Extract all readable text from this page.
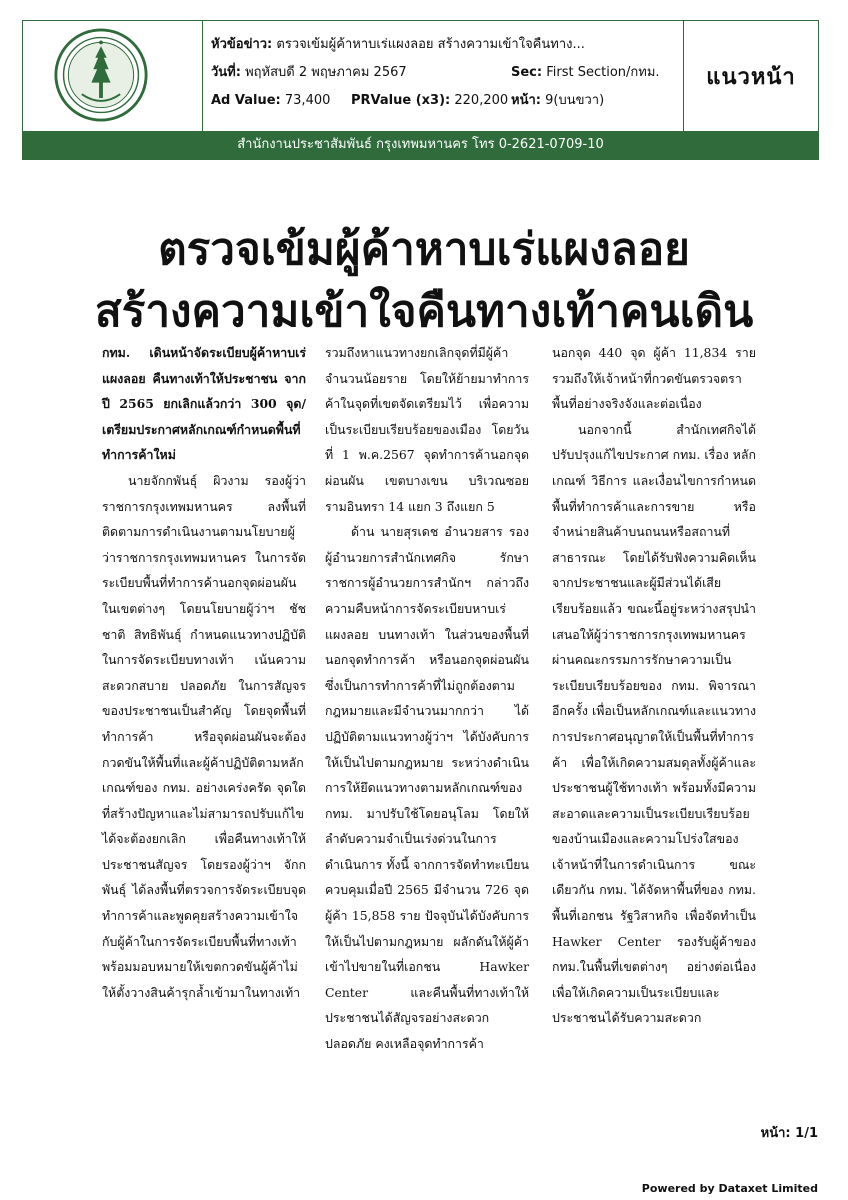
หัวข้อข่าว: ตรวจเข้มผู้ค้าหาบเร่แผงลอย สร้างความเข้าใจคืนทาง...
วันที่: พฤหัสบดี 2 พฤษภาคม 2567	Sec: First Section/กทม.
Ad Value: 73,400 PRValue (x3): 220,200 หน้า: 9(บนขวา)
แนวหน้า
สำนักงานประชาสัมพันธ์ กรุงเทพมหานคร โทร 0-2621-0709-10
ตรวจเข้มผู้ค้าหาบเร่แผงลอย
สร้างความเข้าใจคืนทางเท้าคนเดิน

กทม. เดินหน้าจัดระเบียบผู้ค้าหาบเร่แผงลอย คืนทางเท้าให้ประชาชน จากปี 2565 ยกเลิกแล้วกว่า 300 จุด/เตรียมประกาศหลักเกณฑ์กำหนดพื้นที่ทำการค้าใหม่

นายจักกพันธุ์ ผิวงาม รองผู้ว่าราชการกรุงเทพมหานคร ลงพื้นที่ติดตามการดำเนินงานตามนโยบายผู้ว่าราชการกรุงเทพมหานคร ในการจัดระเบียบพื้นที่ทำการค้านอกจุดผ่อนผันในเขตต่างๆ โดยนโยบายผู้ว่าฯ ชัชชาติ สิทธิพันธุ์ กำหนดแนวทางปฏิบัติในการจัดระเบียบทางเท้า เน้นความสะดวกสบาย ปลอดภัย ในการสัญจรของประชาชนเป็นสำคัญ โดยจุดพื้นที่ทำการค้า หรือจุดผ่อนผันจะต้องกวดขันให้พื้นที่และผู้ค้าปฏิบัติตามหลักเกณฑ์ของ กทม. อย่างเคร่งครัด จุดใดที่สร้างปัญหาและไม่สามารถปรับแก้ไขได้จะต้องยกเลิก เพื่อคืนทางเท้าให้ประชาชนสัญจร โดยรองผู้ว่าฯ จักกพันธุ์ ได้ลงพื้นที่ตรวจการจัดระเบียบจุดทำการค้าและพูดคุยสร้างความเข้าใจกับผู้ค้าในการจัดระเบียบพื้นที่ทางเท้า พร้อมมอบหมายให้เขตกวดขันผู้ค้าไม่ให้ตั้งวางสินค้ารุกล้ำเข้ามาในทางเท้า

รวมถึงหาแนวทางยกเลิกจุดที่มีผู้ค้าจำนวนน้อยราย โดยให้ย้ายมาทำการค้าในจุดที่เขตจัดเตรียมไว้ เพื่อความเป็นระเบียบเรียบร้อยของเมือง โดยวันที่ 1 พ.ค.2567 จุดทำการค้านอกจุดผ่อนผัน เขตบางเขน บริเวณซอยรามอินทรา 14 แยก 3 ถึงแยก 5

ด้าน นายสุรเดช อำนวยสาร รองผู้อำนวยการสำนักเทศกิจ รักษาราชการผู้อำนวยการสำนักฯ กล่าวถึงความคืบหน้าการจัดระเบียบหาบเร่แผงลอย บนทางเท้า ในส่วนของพื้นที่นอกจุดทำการค้า หรือนอกจุดผ่อนผัน ซึ่งเป็นการทำการค้าที่ไม่ถูกต้องตามกฎหมายและมีจำนวนมากกว่า ได้ปฏิบัติตามแนวทางผู้ว่าฯ ได้บังคับการให้เป็นไปตามกฎหมาย ระหว่างดำเนินการให้ยึดแนวทางตามหลักเกณฑ์ของ กทม. มาปรับใช้โดยอนุโลม โดยให้ลำดับความจำเป็นเร่งด่วนในการดำเนินการ ทั้งนี้ จากการจัดทำทะเบียนควบคุมเมื่อปี 2565 มีจำนวน 726 จุด ผู้ค้า 15,858 ราย ปัจจุบันได้บังคับการให้เป็นไปตามกฎหมาย ผลักดันให้ผู้ค้าเข้าไปขายในที่เอกชน Hawker Center และคืนพื้นที่ทางเท้าให้ประชาชนได้สัญจรอย่างสะดวก ปลอดภัย คงเหลือจุดทำการค้า

นอกจุด 440 จุด ผู้ค้า 11,834 ราย รวมถึงให้เจ้าหน้าที่กวดขันตรวจตราพื้นที่อย่างจริงจังและต่อเนื่อง

นอกจากนี้ สำนักเทศกิจได้ปรับปรุงแก้ไขประกาศ กทม. เรื่อง หลักเกณฑ์ วิธีการ และเงื่อนไขการกำหนดพื้นที่ทำการค้าและการขาย หรือจำหน่ายสินค้าบนถนนหรือสถานที่สาธารณะ โดยได้รับฟังความคิดเห็นจากประชาชนและผู้มีส่วนได้เสียเรียบร้อยแล้ว ขณะนี้อยู่ระหว่างสรุปนำเสนอให้ผู้ว่าราชการกรุงเทพมหานครผ่านคณะกรรมการรักษาความเป็นระเบียบเรียบร้อยของ กทม. พิจารณาอีกครั้ง เพื่อเป็นหลักเกณฑ์และแนวทางการประกาศอนุญาตให้เป็นพื้นที่ทำการค้า เพื่อให้เกิดความสมดุลทั้งผู้ค้าและประชาชนผู้ใช้ทางเท้า พร้อมทั้งมีความสะอาดและความเป็นระเบียบเรียบร้อยของบ้านเมืองและความโปร่งใสของเจ้าหน้าที่ในการดำเนินการ ขณะเดียวกัน กทม. ได้จัดหาพื้นที่ของ กทม. พื้นที่เอกชน รัฐวิสาหกิจ เพื่อจัดทำเป็น Hawker Center รองรับผู้ค้าของ กทม.ในพื้นที่เขตต่างๆ อย่างต่อเนื่อง เพื่อให้เกิดความเป็นระเบียบและประชาชนได้รับความสะดวก

หน้า: 1/1
Powered by Dataxet Limited
